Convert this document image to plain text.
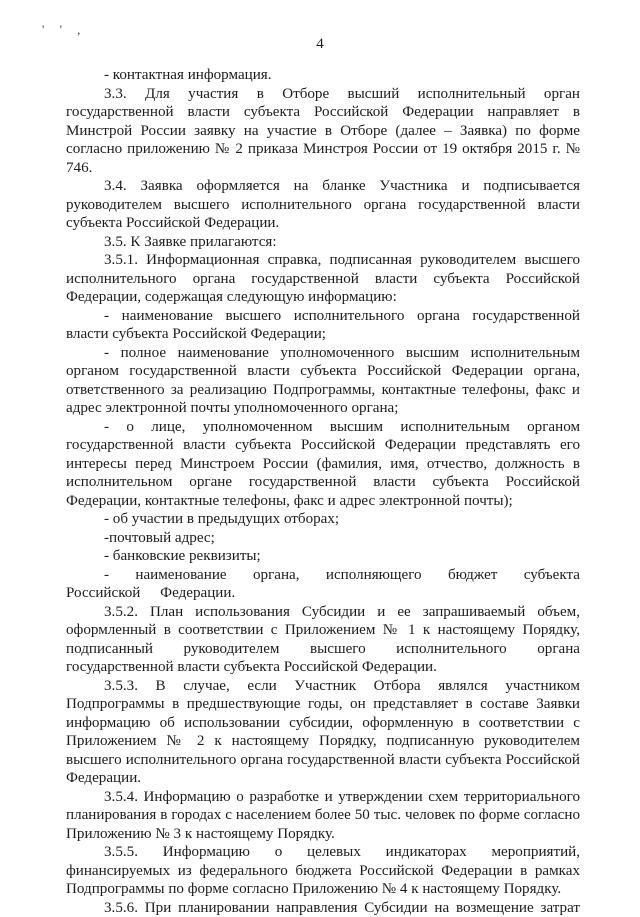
' ' ,
4

- контактная информация.

3.3. Для участия в Отборе высший исполнительный орган государственной власти субъекта Российской Федерации направляет в Минстрой России заявку на участие в Отборе (далее – Заявка) по форме согласно приложению № 2 приказа Минстроя России от 19 октября 2015 г. № 746.

3.4. Заявка оформляется на бланке Участника и подписывается руководителем высшего исполнительного органа государственной власти субъекта Российской Федерации.

3.5. К Заявке прилагаются:

3.5.1. Информационная справка, подписанная руководителем высшего исполнительного органа государственной власти субъекта Российской Федерации, содержащая следующую информацию:

- наименование высшего исполнительного органа государственной власти субъекта Российской Федерации;

- полное наименование уполномоченного высшим исполнительным органом государственной власти субъекта Российской Федерации органа, ответственного за реализацию Подпрограммы, контактные телефоны, факс и адрес электронной почты уполномоченного органа;

- о лице, уполномоченном высшим исполнительным органом государственной власти субъекта Российской Федерации представлять его интересы перед Минстроем России (фамилия, имя, отчество, должность в исполнительном органе государственной власти субъекта Российской Федерации, контактные телефоны, факс и адрес электронной почты);

- об участии в предыдущих отборах;

-почтовый адрес;

- банковские реквизиты;

- наименование органа, исполняющего бюджет субъекта Российской Федерации.

3.5.2. План использования Субсидии и ее запрашиваемый объем, оформленный в соответствии с Приложением № 1 к настоящему Порядку, подписанный руководителем высшего исполнительного органа государственной власти субъекта Российской Федерации.

3.5.3. В случае, если Участник Отбора являлся участником Подпрограммы в предшествующие годы, он представляет в составе Заявки информацию об использовании субсидии, оформленную в соответствии с Приложением № 2 к настоящему Порядку, подписанную руководителем высшего исполнительного органа государственной власти субъекта Российской Федерации.

3.5.4. Информацию о разработке и утверждении схем территориального планирования в городах с населением более 50 тыс. человек по форме согласно Приложению № 3 к настоящему Порядку.

3.5.5. Информацию о целевых индикаторах мероприятий, финансируемых из федерального бюджета Российской Федерации в рамках Подпрограммы по форме согласно Приложению № 4 к настоящему Порядку.

3.5.6. При планировании направления Субсидии на возмещение затрат
